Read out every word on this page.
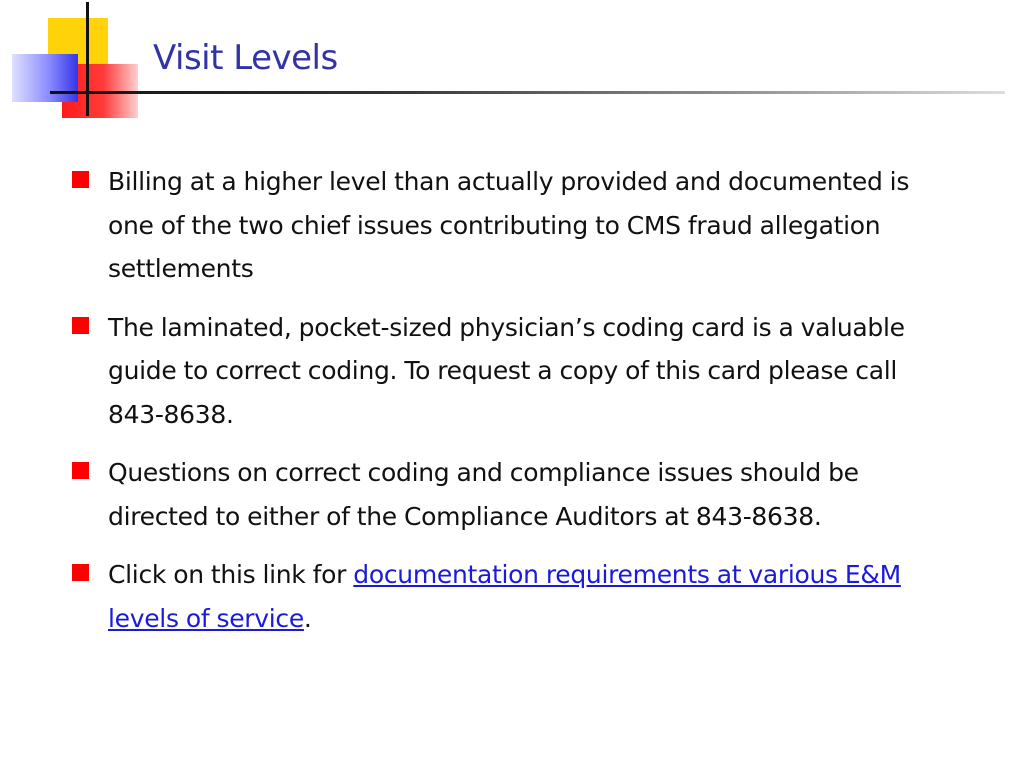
Visit Levels
Billing at a higher level than actually provided and documented is one of the two chief issues contributing to CMS fraud allegation settlements
The laminated, pocket-sized physician’s coding card is a valuable guide to correct coding. To request a copy of this card please call 843-8638.
Questions on correct coding and compliance issues should be directed to either of the Compliance Auditors at 843-8638.
Click on this link for documentation requirements at various E&M levels of service.
